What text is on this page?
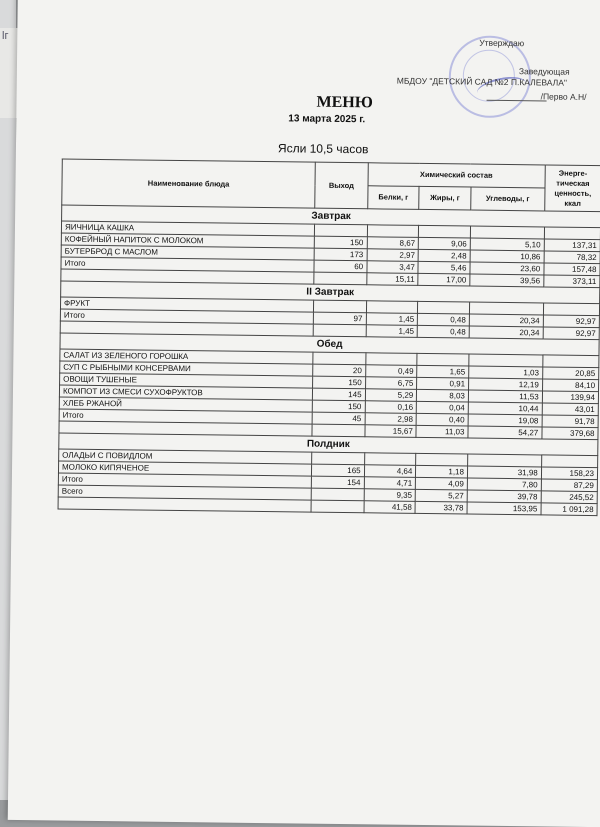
lг
Утверждаю
Заведующая
МБДОУ "ДЕТСКИЙ САД №2 П.КАЛЕВАЛА"
/Перво А.Н/
МЕНЮ
13 марта 2025 г.
Ясли 10,5 часов
Наименование блюда	Выход	Химический состав			Энерге-тическая ценность, ккал
		Белки, г	Жиры, г	Углеводы, г	
Завтрак					
ЯИЧНИЦА КАШКА					
КОФЕЙНЫЙ НАПИТОК С МОЛОКОМ	150	8,67	9,06	5,10	137,31
БУТЕРБРОД С МАСЛОМ	173	2,97	2,48	10,86	78,32
Итого	60	3,47	5,46	23,60	157,48
		15,11	17,00	39,56	373,11
II Завтрак					
ФРУКТ					
Итого	97	1,45	0,48	20,34	92,97
		1,45	0,48	20,34	92,97
Обед					
САЛАТ ИЗ ЗЕЛЕНОГО ГОРОШКА					
СУП С РЫБНЫМИ КОНСЕРВАМИ	20	0,49	1,65	1,03	20,85
ОВОЩИ ТУШЕНЫЕ	150	6,75	0,91	12,19	84,10
КОМПОТ ИЗ СМЕСИ СУХОФРУКТОВ	145	5,29	8,03	11,53	139,94
ХЛЕБ РЖАНОЙ	150	0,16	0,04	10,44	43,01
Итого	45	2,98	0,40	19,08	91,78
		15,67	11,03	54,27	379,68
Полдник					
ОЛАДЬИ С ПОВИДЛОМ					
МОЛОКО КИПЯЧЕНОЕ	165	4,64	1,18	31,98	158,23
Итого	154	4,71	4,09	7,80	87,29
Всего		9,35	5,27	39,78	245,52
		41,58	33,78	153,95	1 091,28
